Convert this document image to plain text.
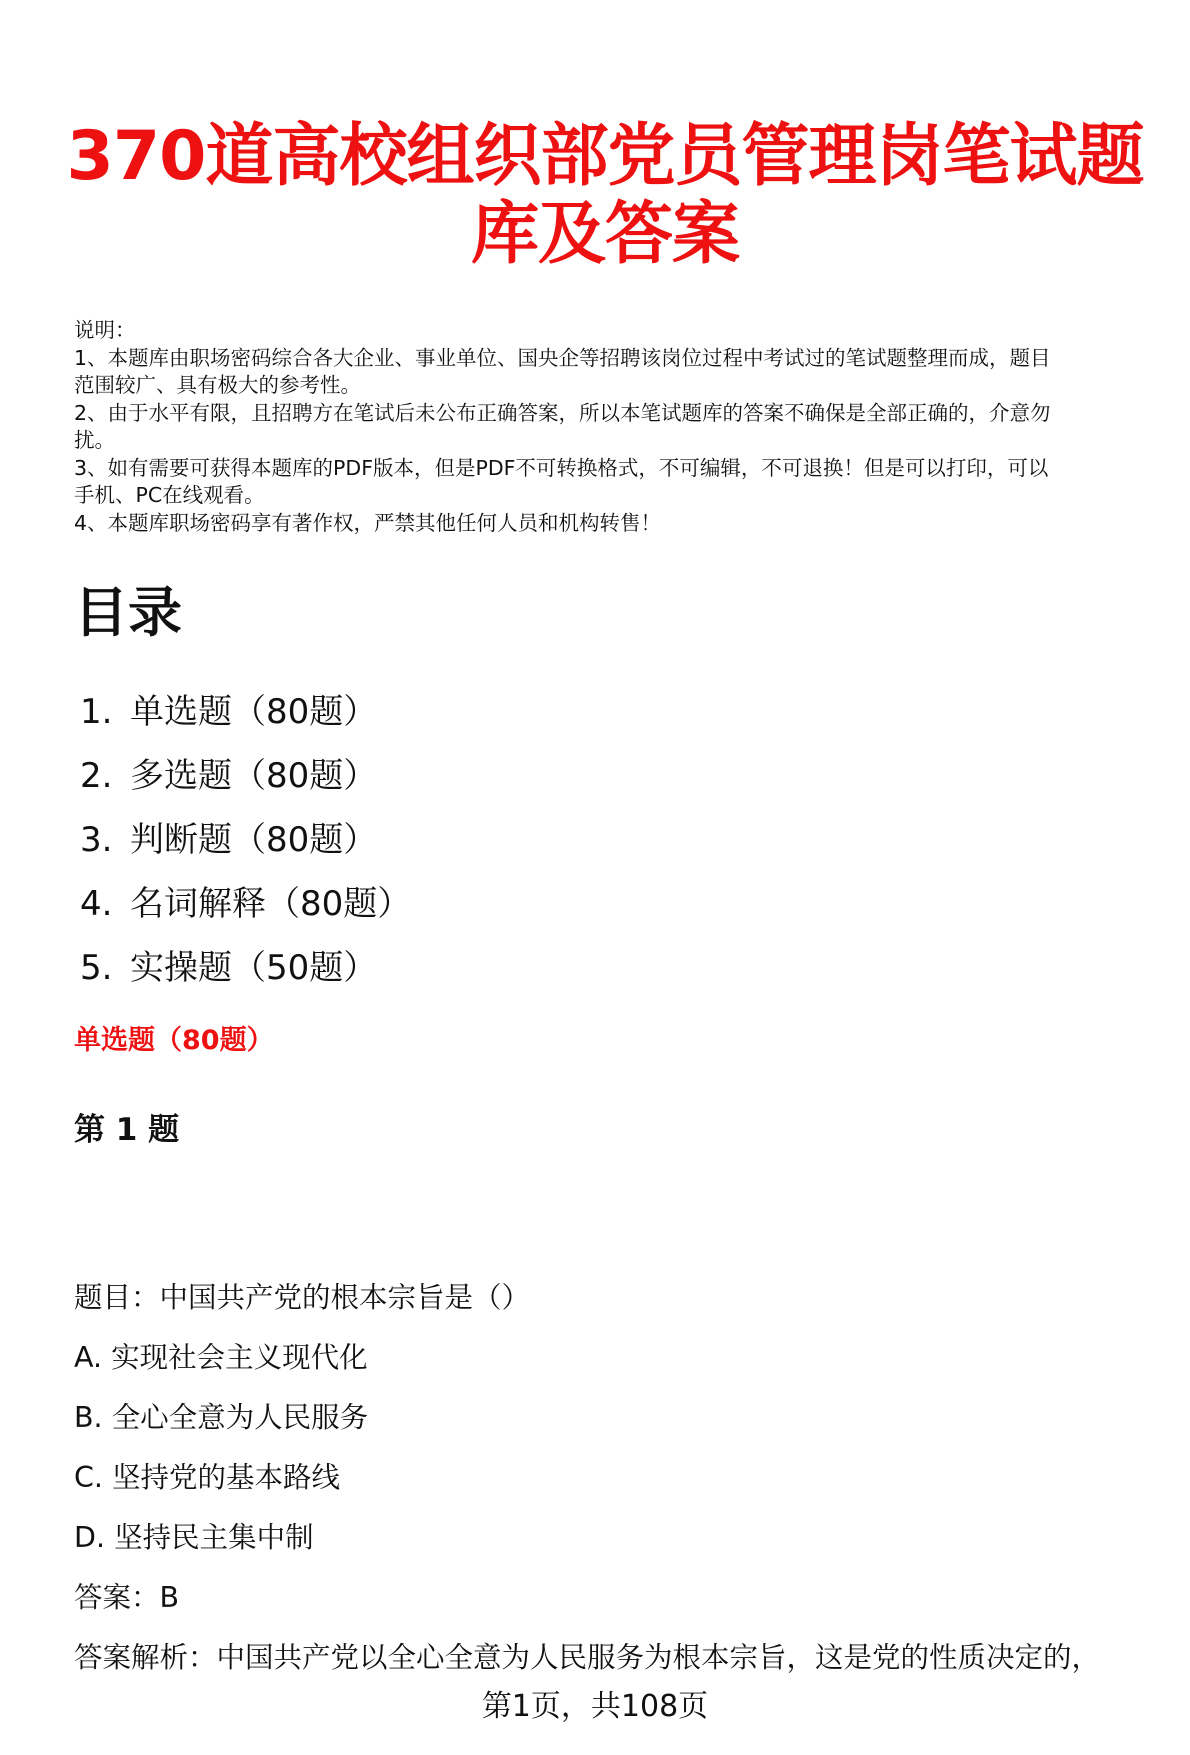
370道高校组织部党员管理岗笔试题
库及答案
说明：
1、本题库由职场密码综合各大企业、事业单位、国央企等招聘该岗位过程中考试过的笔试题整理而成，题目
范围较广、具有极大的参考性。
2、由于水平有限，且招聘方在笔试后未公布正确答案，所以本笔试题库的答案不确保是全部正确的，介意勿
扰。
3、如有需要可获得本题库的PDF版本，但是PDF不可转换格式，不可编辑，不可退换！但是可以打印，可以
手机、PC在线观看。
4、本题库职场密码享有著作权，严禁其他任何人员和机构转售！
目录
1. 单选题（80题）
2. 多选题（80题）
3. 判断题（80题）
4. 名词解释（80题）
5. 实操题（50题）
单选题（80题）
第 1 题
题目：中国共产党的根本宗旨是（）
A. 实现社会主义现代化
B. 全心全意为人民服务
C. 坚持党的基本路线
D. 坚持民主集中制
答案：B
答案解析：中国共产党以全心全意为人民服务为根本宗旨，这是党的性质决定的，
第1页，共108页
